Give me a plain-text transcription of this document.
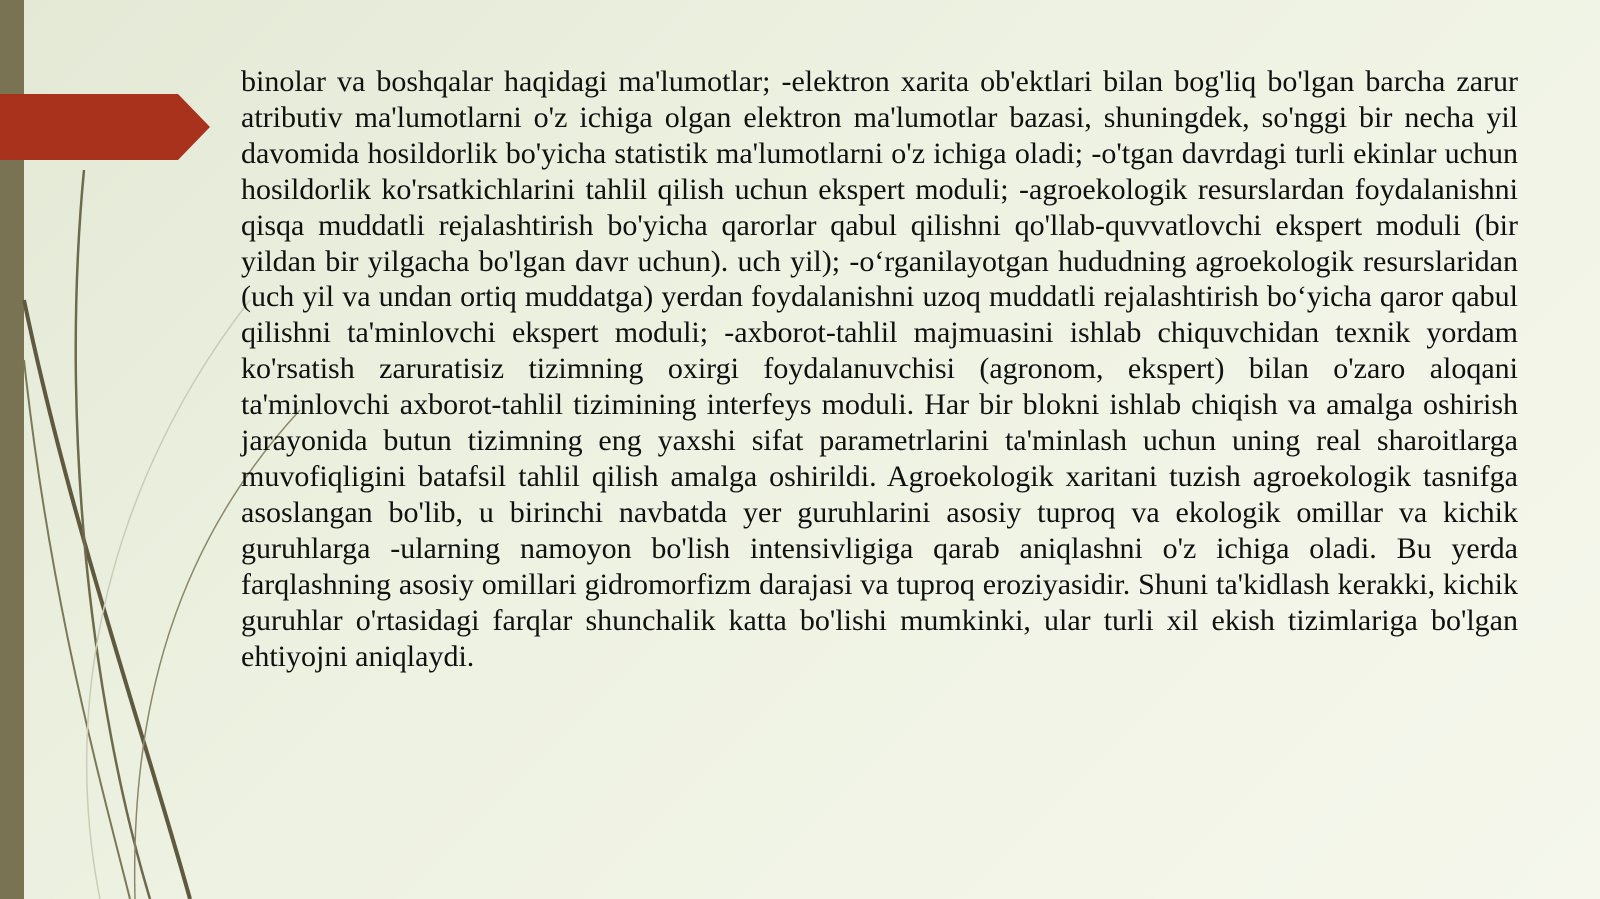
binolar va boshqalar haqidagi ma'lumotlar; -elektron xarita ob'ektlari bilan bog'liq bo'lgan barcha zarur atributiv ma'lumotlarni o'z ichiga olgan elektron ma'lumotlar bazasi, shuningdek, so'nggi bir necha yil davomida hosildorlik bo'yicha statistik ma'lumotlarni o'z ichiga oladi; -o'tgan davrdagi turli ekinlar uchun hosildorlik ko'rsatkichlarini tahlil qilish uchun ekspert moduli; -agroekologik resurslardan foydalanishni qisqa muddatli rejalashtirish bo'yicha qarorlar qabul qilishni qo'llab-quvvatlovchi ekspert moduli (bir yildan bir yilgacha bo'lgan davr uchun). uch yil); -o‘rganilayotgan hududning agroekologik resurslaridan (uch yil va undan ortiq muddatga) yerdan foydalanishni uzoq muddatli rejalashtirish bo‘yicha qaror qabul qilishni ta'minlovchi ekspert moduli; -axborot-tahlil majmuasini ishlab chiquvchidan texnik yordam ko'rsatish zaruratisiz tizimning oxirgi foydalanuvchisi (agronom, ekspert) bilan o'zaro aloqani ta'minlovchi axborot-tahlil tizimining interfeys moduli. Har bir blokni ishlab chiqish va amalga oshirish jarayonida butun tizimning eng yaxshi sifat parametrlarini ta'minlash uchun uning real sharoitlarga muvofiqligini batafsil tahlil qilish amalga oshirildi. Agroekologik xaritani tuzish agroekologik tasnifga asoslangan bo'lib, u birinchi navbatda yer guruhlarini asosiy tuproq va ekologik omillar va kichik guruhlarga -ularning namoyon bo'lish intensivligiga qarab aniqlashni o'z ichiga oladi. Bu yerda farqlashning asosiy omillari gidromorfizm darajasi va tuproq eroziyasidir. Shuni ta'kidlash kerakki, kichik guruhlar o'rtasidagi farqlar shunchalik katta bo'lishi mumkinki, ular turli xil ekish tizimlariga bo'lgan ehtiyojni aniqlaydi.
